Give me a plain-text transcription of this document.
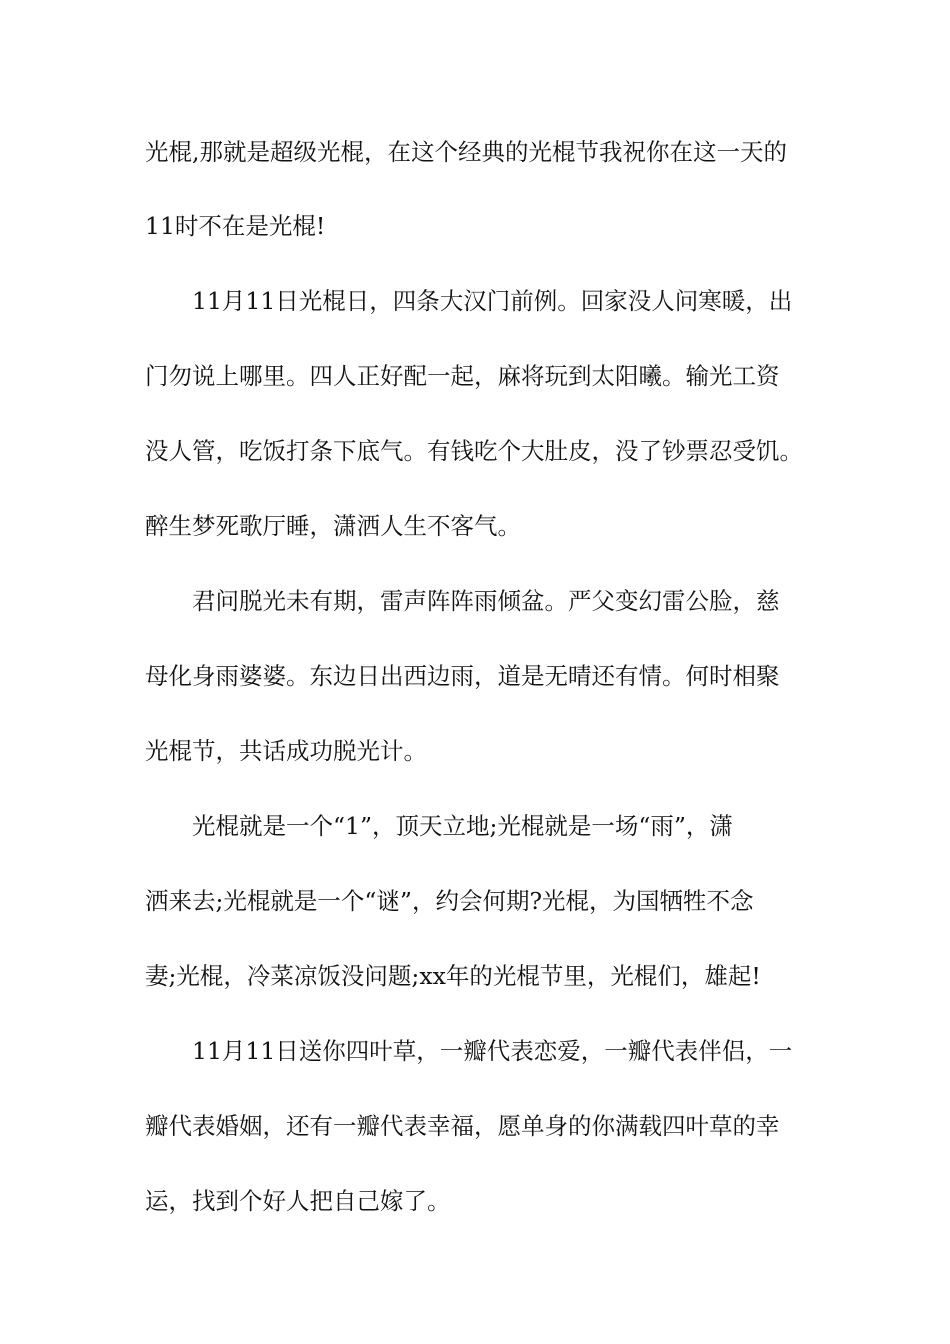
光棍,那就是超级光棍，在这个经典的光棍节我祝你在这一天的
11时不在是光棍!
11月11日光棍日，四条大汉门前例。回家没人问寒暖，出
门勿说上哪里。四人正好配一起，麻将玩到太阳曦。输光工资
没人管，吃饭打条下底气。有钱吃个大肚皮，没了钞票忍受饥。
醉生梦死歌厅睡，潇洒人生不客气。
君问脱光未有期，雷声阵阵雨倾盆。严父变幻雷公脸，慈
母化身雨婆婆。东边日出西边雨，道是无晴还有情。何时相聚
光棍节，共话成功脱光计。
光棍就是一个“1”，顶天立地;光棍就是一场“雨”，潇
洒来去;光棍就是一个“谜”，约会何期?光棍，为国牺牲不念
妻;光棍，冷菜凉饭没问题;xx年的光棍节里，光棍们，雄起!
11月11日送你四叶草，一瓣代表恋爱，一瓣代表伴侣，一
瓣代表婚姻，还有一瓣代表幸福，愿单身的你满载四叶草的幸
运，找到个好人把自己嫁了。
